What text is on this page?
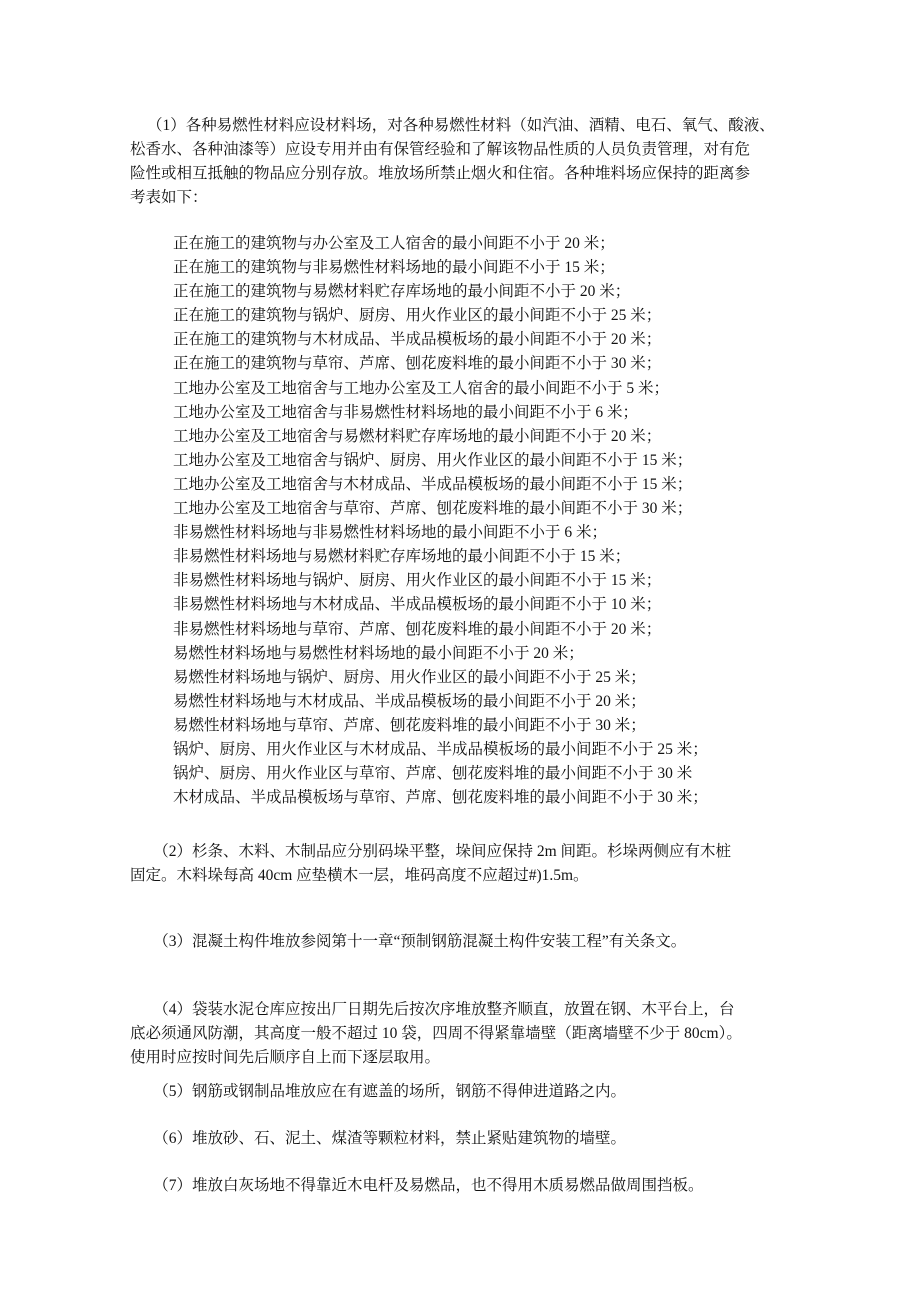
（1）各种易燃性材料应设材料场，对各种易燃性材料（如汽油、酒精、电石、氧气、酸液、
松香水、各种油漆等）应设专用并由有保管经验和了解该物品性质的人员负责管理，对有危
险性或相互抵触的物品应分别存放。堆放场所禁止烟火和住宿。各种堆料场应保持的距离参
考表如下：
正在施工的建筑物与办公室及工人宿舍的最小间距不小于 20 米；
正在施工的建筑物与非易燃性材料场地的最小间距不小于 15 米；
正在施工的建筑物与易燃材料贮存库场地的最小间距不小于 20 米；
正在施工的建筑物与锅炉、厨房、用火作业区的最小间距不小于 25 米；
正在施工的建筑物与木材成品、半成品模板场的最小间距不小于 20 米；
正在施工的建筑物与草帘、芦席、刨花废料堆的最小间距不小于 30 米；
工地办公室及工地宿舍与工地办公室及工人宿舍的最小间距不小于 5 米；
工地办公室及工地宿舍与非易燃性材料场地的最小间距不小于 6 米；
工地办公室及工地宿舍与易燃材料贮存库场地的最小间距不小于 20 米；
工地办公室及工地宿舍与锅炉、厨房、用火作业区的最小间距不小于 15 米；
工地办公室及工地宿舍与木材成品、半成品模板场的最小间距不小于 15 米；
工地办公室及工地宿舍与草帘、芦席、刨花废料堆的最小间距不小于 30 米；
非易燃性材料场地与非易燃性材料场地的最小间距不小于 6 米；
非易燃性材料场地与易燃材料贮存库场地的最小间距不小于 15 米；
非易燃性材料场地与锅炉、厨房、用火作业区的最小间距不小于 15 米；
非易燃性材料场地与木材成品、半成品模板场的最小间距不小于 10 米；
非易燃性材料场地与草帘、芦席、刨花废料堆的最小间距不小于 20 米；
易燃性材料场地与易燃性材料场地的最小间距不小于 20 米；
易燃性材料场地与锅炉、厨房、用火作业区的最小间距不小于 25 米；
易燃性材料场地与木材成品、半成品模板场的最小间距不小于 20 米；
易燃性材料场地与草帘、芦席、刨花废料堆的最小间距不小于 30 米；
锅炉、厨房、用火作业区与木材成品、半成品模板场的最小间距不小于 25 米；
锅炉、厨房、用火作业区与草帘、芦席、刨花废料堆的最小间距不小于 30 米
木材成品、半成品模板场与草帘、芦席、刨花废料堆的最小间距不小于 30 米；
　　（2）杉条、木料、木制品应分别码垛平整，垛间应保持 2m 间距。杉垛两侧应有木桩
固定。木料垛每高 40cm 应垫横木一层，堆码高度不应超过#)1.5m。
　　（3）混凝土构件堆放参阅第十一章“预制钢筋混凝土构件安装工程”有关条文。
　　（4）袋装水泥仓库应按出厂日期先后按次序堆放整齐顺直，放置在钢、木平台上，台
底必须通风防潮，其高度一般不超过 10 袋，四周不得紧靠墙壁（距离墙壁不少于 80cm）。
使用时应按时间先后顺序自上而下逐层取用。
　　（5）钢筋或钢制品堆放应在有遮盖的场所，钢筋不得伸进道路之内。
　　（6）堆放砂、石、泥土、煤渣等颗粒材料，禁止紧贴建筑物的墙壁。
　　（7）堆放白灰场地不得靠近木电杆及易燃品，也不得用木质易燃品做周围挡板。
